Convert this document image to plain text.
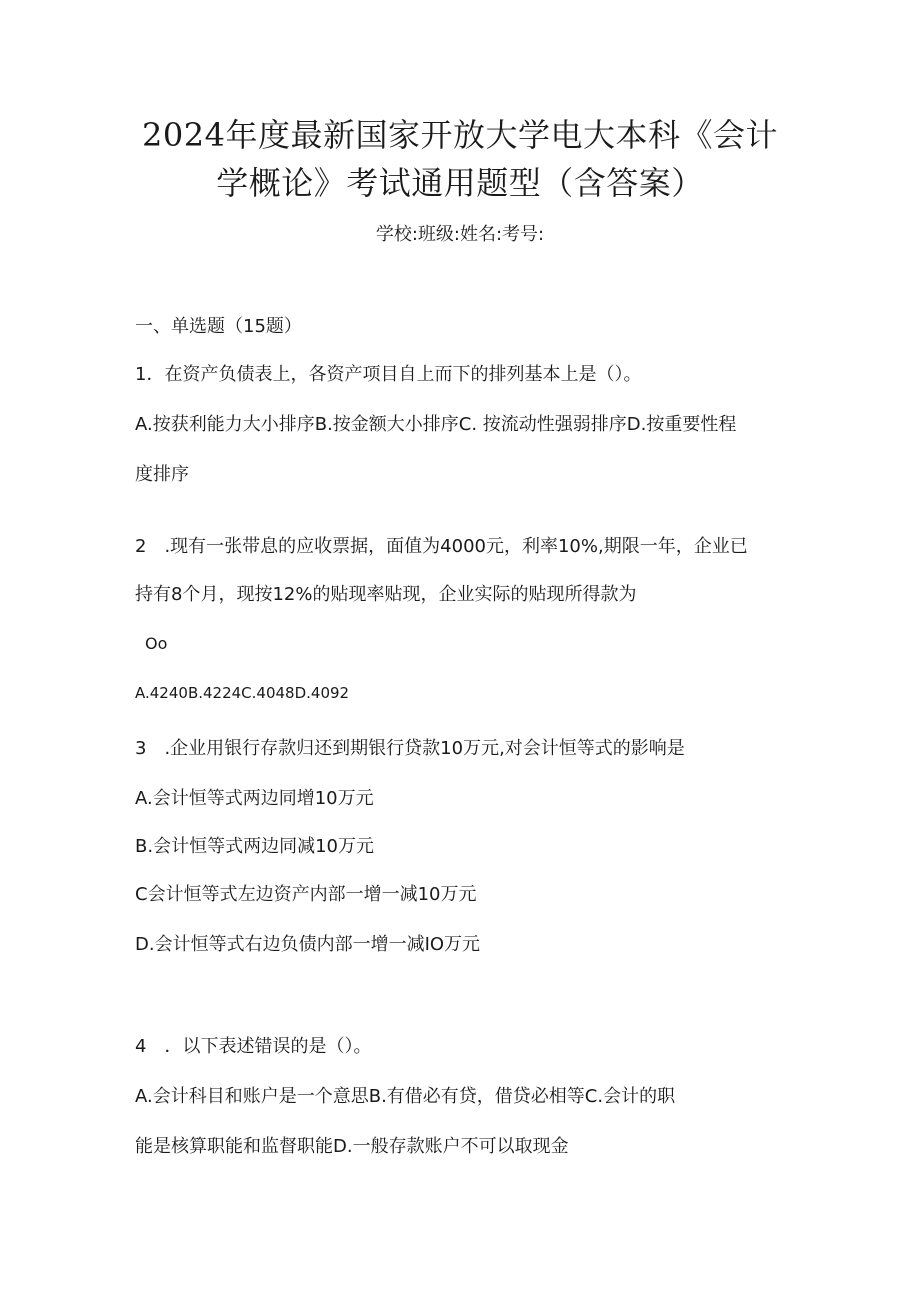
2024年度最新国家开放大学电大本科《会计
学概论》考试通用题型（含答案）
学校:班级:姓名:考号:
一、单选题（15题）
1．在资产负债表上，各资产项目自上而下的排列基本上是（）。
A.按获利能力大小排序B.按金额大小排序C. 按流动性强弱排序D.按重要性程
度排序
2　.现有一张带息的应收票据，面值为4000元，利率10%,期限一年，企业已
持有8个月，现按12%的贴现率贴现，企业实际的贴现所得款为
Oo
A.4240B.4224C.4048D.4092
3　.企业用银行存款归还到期银行贷款10万元,对会计恒等式的影响是
A.会计恒等式两边同增10万元
B.会计恒等式两边同减10万元
C会计恒等式左边资产内部一增一减10万元
D.会计恒等式右边负债内部一增一减IO万元
4　．以下表述错误的是（）。
A.会计科目和账户是一个意思B.有借必有贷，借贷必相等C.会计的职
能是核算职能和监督职能D.一般存款账户不可以取现金
